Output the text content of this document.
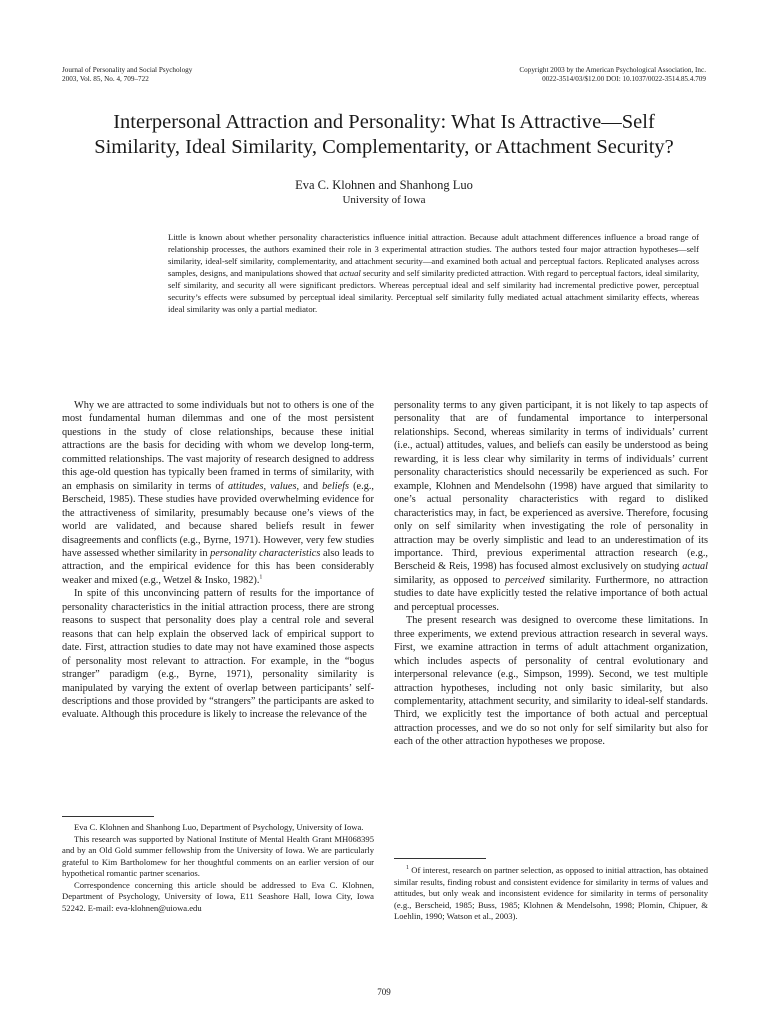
Journal of Personality and Social Psychology
2003, Vol. 85, No. 4, 709–722
Copyright 2003 by the American Psychological Association, Inc.
0022-3514/03/$12.00 DOI: 10.1037/0022-3514.85.4.709
Interpersonal Attraction and Personality: What Is Attractive—Self
Similarity, Ideal Similarity, Complementarity, or Attachment Security?
Eva C. Klohnen and Shanhong Luo
University of Iowa
Little is known about whether personality characteristics influence initial attraction. Because adult attachment differences influence a broad range of relationship processes, the authors examined their role in 3 experimental attraction studies. The authors tested four major attraction hypotheses—self similarity, ideal-self similarity, complementarity, and attachment security—and examined both actual and perceptual factors. Replicated analyses across samples, designs, and manipulations showed that actual security and self similarity predicted attraction. With regard to perceptual factors, ideal similarity, self similarity, and security all were significant predictors. Whereas perceptual ideal and self similarity had incremental predictive power, perceptual security’s effects were subsumed by perceptual ideal similarity. Perceptual self similarity fully mediated actual attachment similarity effects, whereas ideal similarity was only a partial mediator.

Why we are attracted to some individuals but not to others is one of the most fundamental human dilemmas and one of the most persistent questions in the study of close relationships, because these initial attractions are the basis for deciding with whom we develop long-term, committed relationships. The vast majority of research designed to address this age-old question has typically been framed in terms of similarity, with an emphasis on similarity in terms of attitudes, values, and beliefs (e.g., Berscheid, 1985). These studies have provided overwhelming evidence for the attractiveness of similarity, presumably because one’s views of the world are validated, and because shared beliefs result in fewer disagreements and conflicts (e.g., Byrne, 1971). However, very few studies have assessed whether similarity in personality characteristics also leads to attraction, and the empirical evidence for this has been considerably weaker and mixed (e.g., Wetzel & Insko, 1982).$^1$

In spite of this unconvincing pattern of results for the importance of personality characteristics in the initial attraction process, there are strong reasons to suspect that personality does play a central role and several reasons that can help explain the observed lack of empirical support to date. First, attraction studies to date may not have examined those aspects of personality most relevant to attraction. For example, in the “bogus stranger” paradigm (e.g., Byrne, 1971), personality similarity is manipulated by varying the extent of overlap between participants’ self-descriptions and those provided by “strangers” the participants are asked to evaluate. Although this procedure is likely to increase the relevance of the

personality terms to any given participant, it is not likely to tap aspects of personality that are of fundamental importance to interpersonal relationships. Second, whereas similarity in terms of individuals’ current (i.e., actual) attitudes, values, and beliefs can easily be understood as being rewarding, it is less clear why similarity in terms of individuals’ current personality characteristics should necessarily be experienced as such. For example, Klohnen and Mendelsohn (1998) have argued that similarity to one’s actual personality characteristics with regard to disliked characteristics may, in fact, be experienced as aversive. Therefore, focusing only on self similarity when investigating the role of personality in attraction may be overly simplistic and lead to an underestimation of its importance. Third, previous experimental attraction research (e.g., Berscheid & Reis, 1998) has focused almost exclusively on studying actual similarity, as opposed to perceived similarity. Furthermore, no attraction studies to date have explicitly tested the relative importance of both actual and perceptual processes.

The present research was designed to overcome these limitations. In three experiments, we extend previous attraction research in several ways. First, we examine attraction in terms of adult attachment organization, which includes aspects of personality of central evolutionary and interpersonal relevance (e.g., Simpson, 1999). Second, we test multiple attraction hypotheses, including not only basic similarity, but also complementarity, attachment security, and similarity to ideal-self standards. Third, we explicitly test the importance of both actual and perceptual attraction processes, and we do so not only for self similarity but also for each of the other attraction hypotheses we propose.

Eva C. Klohnen and Shanhong Luo, Department of Psychology, University of Iowa.

This research was supported by National Institute of Mental Health Grant MH068395 and by an Old Gold summer fellowship from the University of Iowa. We are particularly grateful to Kim Bartholomew for her thoughtful comments on an earlier version of our hypothetical romantic partner scenarios.

Correspondence concerning this article should be addressed to Eva C. Klohnen, Department of Psychology, University of Iowa, E11 Seashore Hall, Iowa City, Iowa 52242. E-mail: eva-klohnen@uiowa.edu

$^1$ Of interest, research on partner selection, as opposed to initial attraction, has obtained similar results, finding robust and consistent evidence for similarity in terms of values and attitudes, but only weak and inconsistent evidence for similarity in terms of personality (e.g., Berscheid, 1985; Buss, 1985; Klohnen & Mendelsohn, 1998; Plomin, Chipuer, & Loehlin, 1990; Watson et al., 2003).

709
